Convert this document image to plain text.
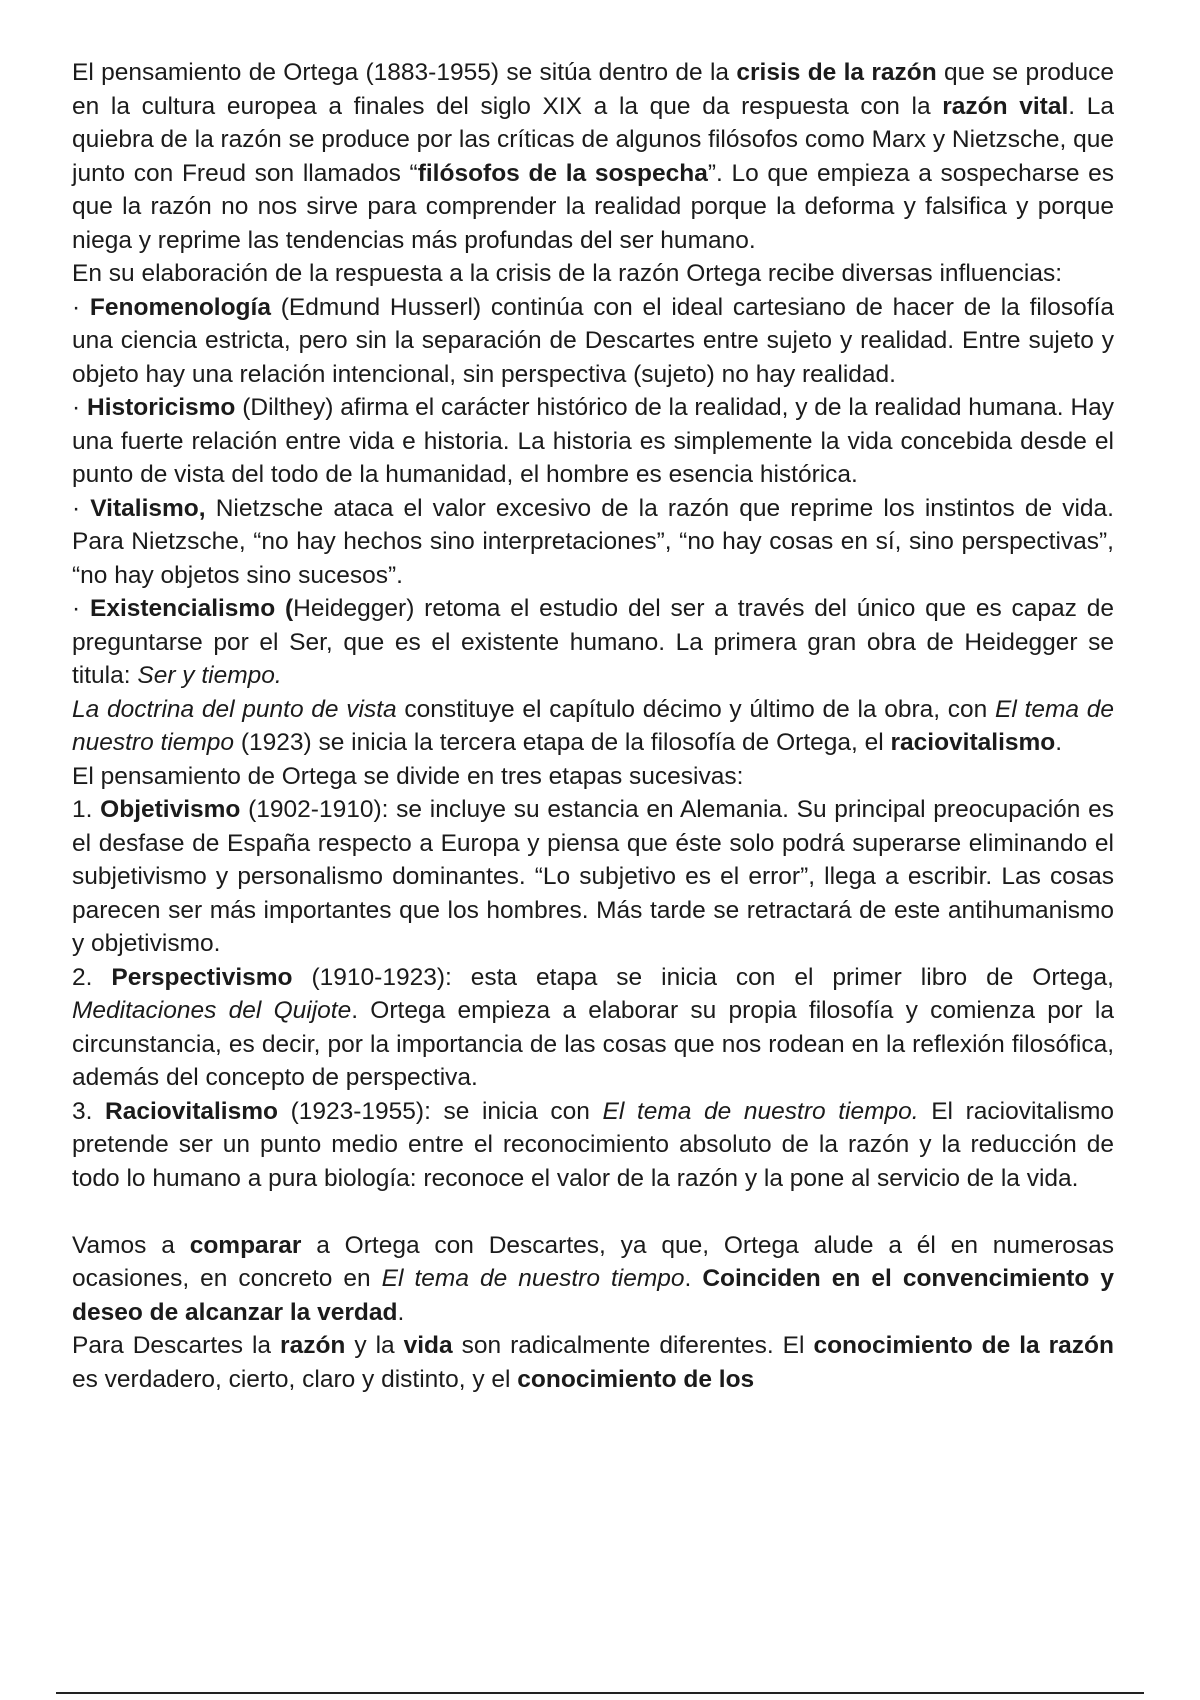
El pensamiento de Ortega (1883-1955) se sitúa dentro de la crisis de la razón que se produce en la cultura europea a finales del siglo XIX a la que da respuesta con la razón vital. La quiebra de la razón se produce por las críticas de algunos filósofos como Marx y Nietzsche, que junto con Freud son llamados “filósofos de la sospecha”. Lo que empieza a sospecharse es que la razón no nos sirve para comprender la realidad porque la deforma y falsifica y porque niega y reprime las tendencias más profundas del ser humano.

En su elaboración de la respuesta a la crisis de la razón Ortega recibe diversas influencias:

· Fenomenología (Edmund Husserl) continúa con el ideal cartesiano de hacer de la filosofía una ciencia estricta, pero sin la separación de Descartes entre sujeto y realidad. Entre sujeto y objeto hay una relación intencional, sin perspectiva (sujeto) no hay realidad.

· Historicismo (Dilthey) afirma el carácter histórico de la realidad, y de la realidad humana. Hay una fuerte relación entre vida e historia. La historia es simplemente la vida concebida desde el punto de vista del todo de la humanidad, el hombre es esencia histórica.

· Vitalismo, Nietzsche ataca el valor excesivo de la razón que reprime los instintos de vida. Para Nietzsche, “no hay hechos sino interpretaciones”, “no hay cosas en sí, sino perspectivas”, “no hay objetos sino sucesos”.

· Existencialismo (Heidegger) retoma el estudio del ser a través del único que es capaz de preguntarse por el Ser, que es el existente humano. La primera gran obra de Heidegger se titula: Ser y tiempo.

La doctrina del punto de vista constituye el capítulo décimo y último de la obra, con El tema de nuestro tiempo (1923) se inicia la tercera etapa de la filosofía de Ortega, el raciovitalismo.

El pensamiento de Ortega se divide en tres etapas sucesivas:

1. Objetivismo (1902-1910): se incluye su estancia en Alemania. Su principal preocupación es el desfase de España respecto a Europa y piensa que éste solo podrá superarse eliminando el subjetivismo y personalismo dominantes. “Lo subjetivo es el error”, llega a escribir. Las cosas parecen ser más importantes que los hombres. Más tarde se retractará de este antihumanismo y objetivismo.

2. Perspectivismo (1910-1923): esta etapa se inicia con el primer libro de Ortega, Meditaciones del Quijote. Ortega empieza a elaborar su propia filosofía y comienza por la circunstancia, es decir, por la importancia de las cosas que nos rodean en la reflexión filosófica, además del concepto de perspectiva.

3. Raciovitalismo (1923-1955): se inicia con El tema de nuestro tiempo. El raciovitalismo pretende ser un punto medio entre el reconocimiento absoluto de la razón y la reducción de todo lo humano a pura biología: reconoce el valor de la razón y la pone al servicio de la vida.

Vamos a comparar a Ortega con Descartes, ya que, Ortega alude a él en numerosas ocasiones, en concreto en El tema de nuestro tiempo. Coinciden en el convencimiento y deseo de alcanzar la verdad.

Para Descartes la razón y la vida son radicalmente diferentes. El conocimiento de la razón es verdadero, cierto, claro y distinto, y el conocimiento de los
